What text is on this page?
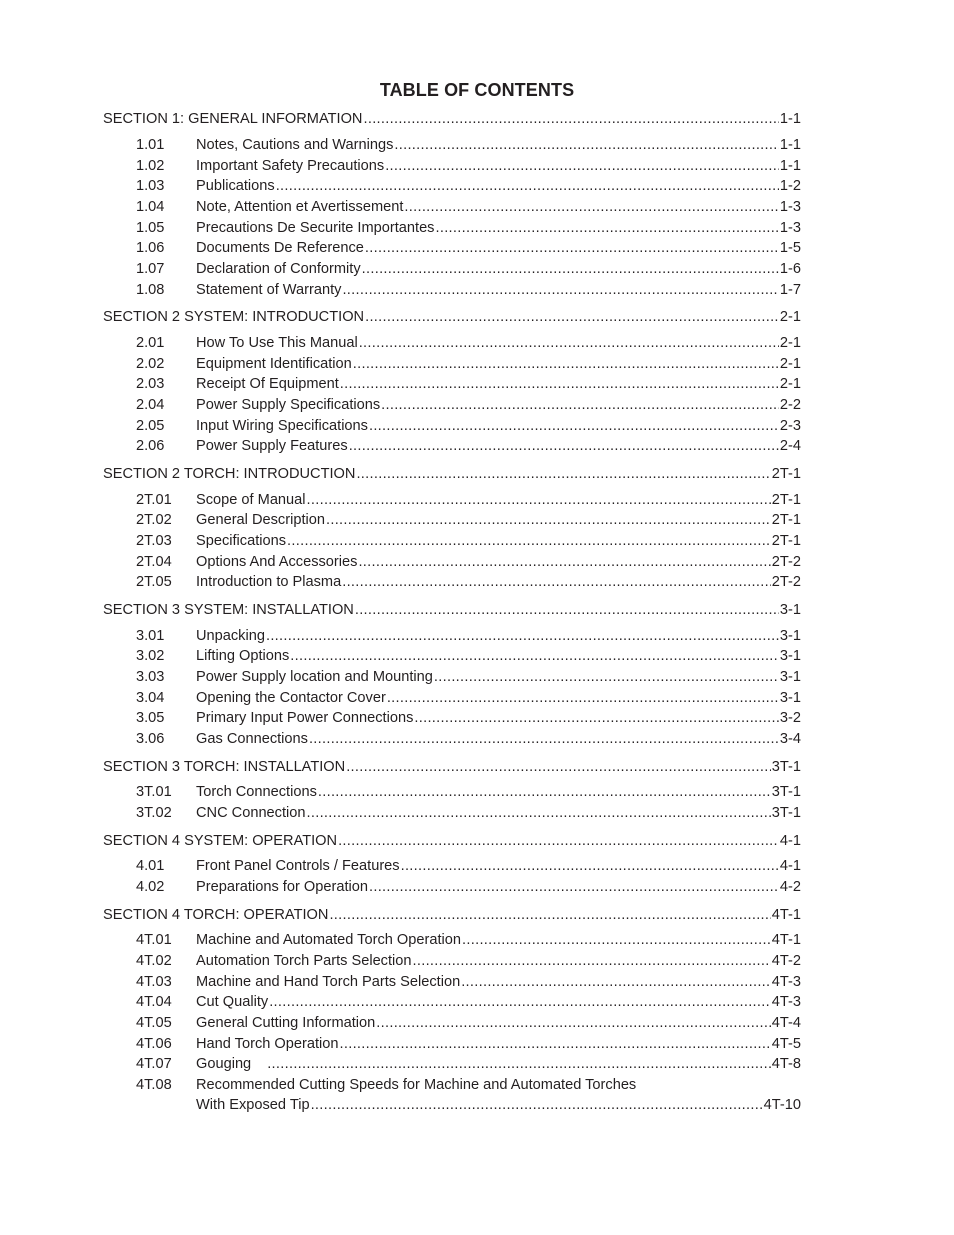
TABLE OF CONTENTS
SECTION 1: GENERAL INFORMATION .....	1-1
1.01 Notes, Cautions and Warnings .....	1-1
1.02 Important Safety Precautions .....	1-1
1.03 Publications .....	1-2
1.04 Note, Attention et Avertissement .....	1-3
1.05 Precautions De Securite Importantes .....	1-3
1.06 Documents De Reference .....	1-5
1.07 Declaration of Conformity .....	1-6
1.08 Statement of Warranty .....	1-7
SECTION 2 SYSTEM: INTRODUCTION .....	2-1
2.01 How To Use This Manual .....	2-1
2.02 Equipment Identification .....	2-1
2.03 Receipt Of Equipment .....	2-1
2.04 Power Supply Specifications .....	2-2
2.05 Input Wiring Specifications .....	2-3
2.06 Power Supply Features .....	2-4
SECTION 2 TORCH: INTRODUCTION .....	2T-1
2T.01 Scope of Manual .....	2T-1
2T.02 General Description .....	2T-1
2T.03 Specifications .....	2T-1
2T.04 Options And Accessories .....	2T-2
2T.05 Introduction to Plasma .....	2T-2
SECTION 3 SYSTEM: INSTALLATION .....	3-1
3.01 Unpacking .....	3-1
3.02 Lifting Options .....	3-1
3.03 Power Supply location and Mounting .....	3-1
3.04 Opening the Contactor Cover .....	3-1
3.05 Primary Input Power Connections .....	3-2
3.06 Gas Connections .....	3-4
SECTION 3 TORCH: INSTALLATION .....	3T-1
3T.01 Torch Connections .....	3T-1
3T.02 CNC Connection .....	3T-1
SECTION 4 SYSTEM: OPERATION .....	4-1
4.01 Front Panel Controls / Features .....	4-1
4.02 Preparations for Operation .....	4-2
SECTION 4 TORCH: OPERATION .....	4T-1
4T.01 Machine and Automated Torch Operation .....	4T-1
4T.02 Automation Torch Parts Selection .....	4T-2
4T.03 Machine and Hand Torch Parts Selection .....	4T-3
4T.04 Cut Quality .....	4T-3
4T.05 General Cutting Information .....	4T-4
4T.06 Hand Torch Operation .....	4T-5
4T.07 Gouging .....	4T-8
4T.08 Recommended Cutting Speeds for Machine and Automated Torches
With Exposed Tip .....	4T-10
